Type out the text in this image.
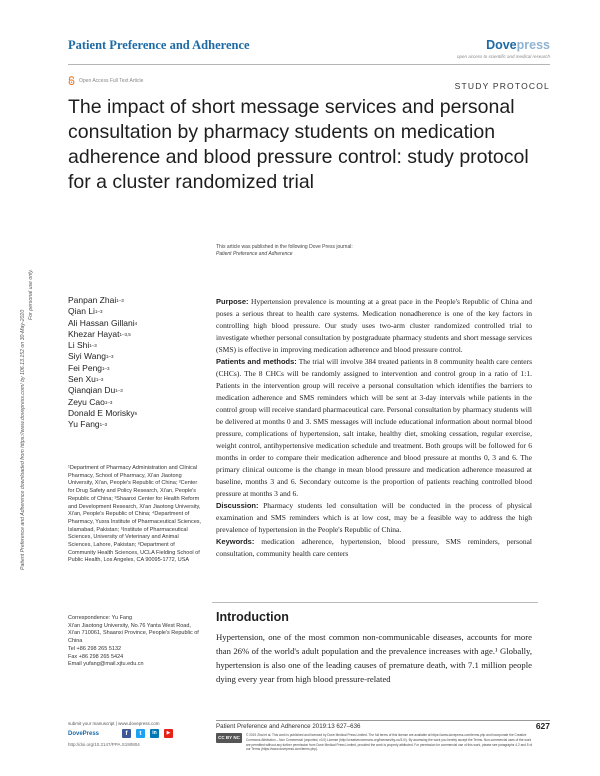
Patient Preference and Adherence	Dovepress
open access to scientific and medical research
Open Access Full Text Article
STUDY PROTOCOL
The impact of short message services and personal consultation by pharmacy students on medication adherence and blood pressure control: study protocol for a cluster randomized trial
This article was published in the following Dove Press journal:
Patient Preference and Adherence
Patient Preference and Adherence downloaded from https://www.dovepress.com/ by 106.13.152 on 30-May-2020
For personal use only.	Panpan Zhai$^{1-3}$
Qian Li$^{1-3}$
Ali Hassan Gillani$^4$
Khezar Hayat$^{1-3,5}$
Li Shi$^{1-3}$
Siyi Wang$^{1-3}$
Fei Peng$^{1-3}$
Sen Xu$^{1-3}$
Qianqian Du$^{1-3}$
Zeyu Cao$^{1-3}$
Donald E Morisky$^6$
Yu Fang$^{1-3}$
¹Department of Pharmacy Administration and Clinical Pharmacy, School of Pharmacy, Xi'an Jiaotong University, Xi'an, People's Republic of China; ²Center for Drug Safety and Policy Research, Xi'an, People's Republic of China; ³Shaanxi Center for Health Reform and Development Research, Xi'an Jiaotong University, Xi'an, People's Republic of China; ⁴Department of Pharmacy, Yusra Institute of Pharmaceutical Sciences, Islamabad, Pakistan; ⁵Institute of Pharmaceutical Sciences, University of Veterinary and Animal Sciences, Lahore, Pakistan; ⁶Department of Community Health Sciences, UCLA Fielding School of Public Health, Los Angeles, CA 90095-1772, USA
Correspondence: Yu Fang
Xi'an Jiaotong University, No.76 Yanta West Road, Xi'an 710061, Shaanxi Province, People's Republic of China
Tel +86 298 265 5132
Fax +86 298 265 5424
Email yufang@mail.xjtu.edu.cn

Purpose: Hypertension prevalence is mounting at a great pace in the People's Republic of China and poses a serious threat to health care systems. Medication nonadherence is one of the key factors in controlling high blood pressure. Our study uses two-arm cluster randomized controlled trial to investigate whether personal consultation by postgraduate pharmacy students and short message services (SMS) is effective in improving medication adherence and blood pressure control.

Patients and methods: The trial will involve 384 treated patients in 8 community health care centers (CHCs). The 8 CHCs will be randomly assigned to intervention and control group in a ratio of 1:1. Patients in the intervention group will receive a personal consultation which identifies the barriers to medication adherence and SMS reminders which will be sent at 3-day intervals while patients in the control group will receive standard pharmaceutical care. Personal consultation by pharmacy students will be delivered at months 0 and 3. SMS messages will include educational information about normal blood pressure, complications of hypertension, salt intake, healthy diet, smoking cessation, regular exercise, weight control, antihypertensive medication schedule and treatment. Both groups will be followed for 6 months in order to compare their medication adherence and blood pressure at months 0, 3 and 6. The primary clinical outcome is the change in mean blood pressure and medication adherence measured at baseline, months 3 and 6. Secondary outcome is the proportion of patients reaching controlled blood pressure at months 3 and 6.

Discussion: Pharmacy students led consultation will be conducted in the process of physical examination and SMS reminders which is at low cost, may be a feasible way to address the high prevalence of hypertension in the People's Republic of China.

Keywords: medication adherence, hypertension, blood pressure, SMS reminders, personal consultation, community health care centers

Introduction
Hypertension, one of the most common non-communicable diseases, accounts for more than 26% of the world's adult population and the prevalence increases with age.¹ Globally, hypertension is also one of the leading causes of premature death, with 7.1 million people dying every year from high blood pressure-related
Patient Preference and Adherence 2019:13 627–636	627
CC BY NC	© 2019 Zhai et al. This work is published and licensed by Dove Medical Press Limited. The full terms of this license are available at https://www.dovepress.com/terms.php and incorporate the Creative Commons Attribution – Non Commercial (unported, v3.0) License (http://creativecommons.org/licenses/by-nc/3.0/). By accessing the work you hereby accept the Terms. Non-commercial uses of the work are permitted without any further permission from Dove Medical Press Limited, provided the work is properly attributed. For permission for commercial use of this work, please see paragraphs 4.2 and 5 of our Terms (https://www.dovepress.com/terms.php).
submit your manuscript | www.dovepress.com
DovePress	f	t	in	▶
http://doi.org/10.2147/PPA.S190804
